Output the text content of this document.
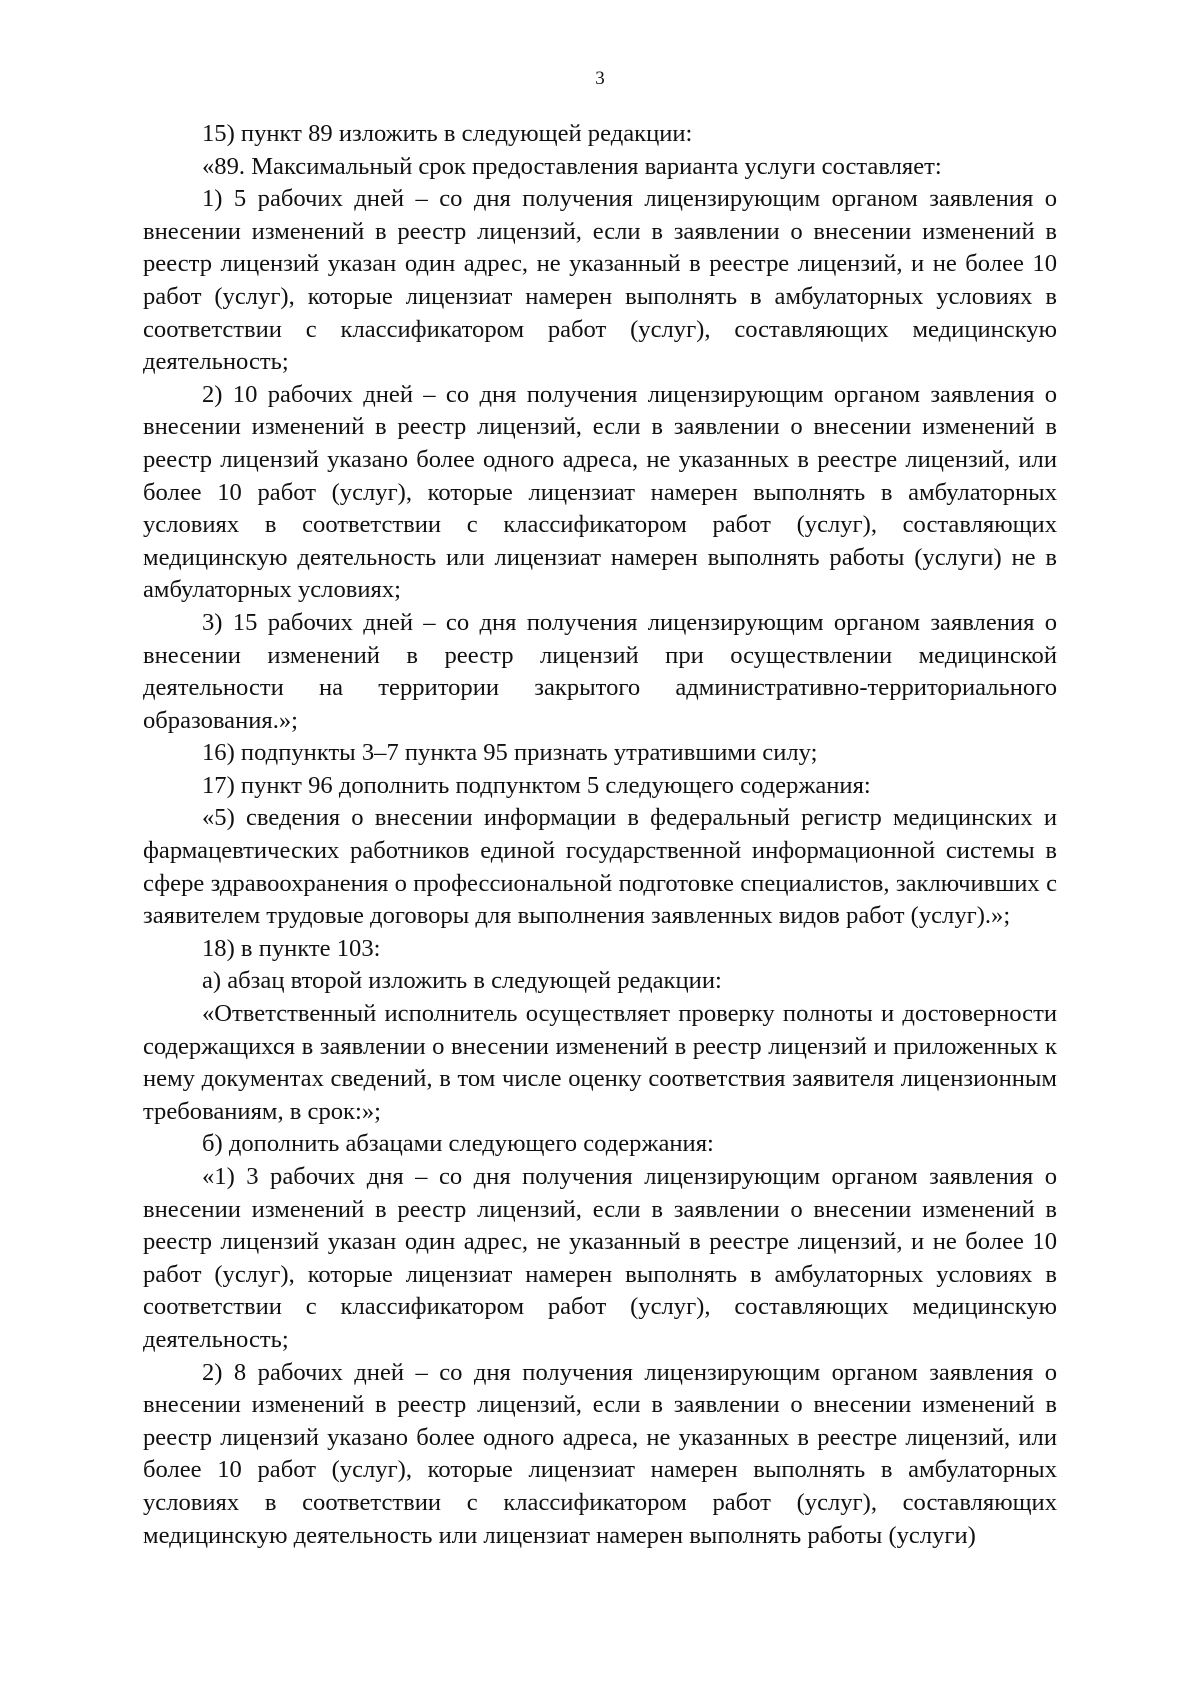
3

15) пункт 89 изложить в следующей редакции:

«89. Максимальный срок предоставления варианта услуги составляет:

1) 5 рабочих дней – со дня получения лицензирующим органом заявления о внесении изменений в реестр лицензий, если в заявлении о внесении изменений в реестр лицензий указан один адрес, не указанный в реестре лицензий, и не более 10 работ (услуг), которые лицензиат намерен выполнять в амбулаторных условиях в соответствии с классификатором работ (услуг), составляющих медицинскую деятельность;

2) 10 рабочих дней – со дня получения лицензирующим органом заявления о внесении изменений в реестр лицензий, если в заявлении о внесении изменений в реестр лицензий указано более одного адреса, не указанных в реестре лицензий, или более 10 работ (услуг), которые лицензиат намерен выполнять в амбулаторных условиях в соответствии с классификатором работ (услуг), составляющих медицинскую деятельность или лицензиат намерен выполнять работы (услуги) не в амбулаторных условиях;

3) 15 рабочих дней – со дня получения лицензирующим органом заявления о внесении изменений в реестр лицензий при осуществлении медицинской деятельности на территории закрытого административно-территориального образования.»;

16) подпункты 3–7 пункта 95 признать утратившими силу;

17) пункт 96 дополнить подпунктом 5 следующего содержания:

«5) сведения о внесении информации в федеральный регистр медицинских и фармацевтических работников единой государственной информационной системы в сфере здравоохранения о профессиональной подготовке специалистов, заключивших с заявителем трудовые договоры для выполнения заявленных видов работ (услуг).»;

18) в пункте 103:

а) абзац второй изложить в следующей редакции:

«Ответственный исполнитель осуществляет проверку полноты и достоверности содержащихся в заявлении о внесении изменений в реестр лицензий и приложенных к нему документах сведений, в том числе оценку соответствия заявителя лицензионным требованиям, в срок:»;

б) дополнить абзацами следующего содержания:

«1) 3 рабочих дня – со дня получения лицензирующим органом заявления о внесении изменений в реестр лицензий, если в заявлении о внесении изменений в реестр лицензий указан один адрес, не указанный в реестре лицензий, и не более 10 работ (услуг), которые лицензиат намерен выполнять в амбулаторных условиях в соответствии с классификатором работ (услуг), составляющих медицинскую деятельность;

2) 8 рабочих дней – со дня получения лицензирующим органом заявления о внесении изменений в реестр лицензий, если в заявлении о внесении изменений в реестр лицензий указано более одного адреса, не указанных в реестре лицензий, или более 10 работ (услуг), которые лицензиат намерен выполнять в амбулаторных условиях в соответствии с классификатором работ (услуг), составляющих медицинскую деятельность или лицензиат намерен выполнять работы (услуги)
